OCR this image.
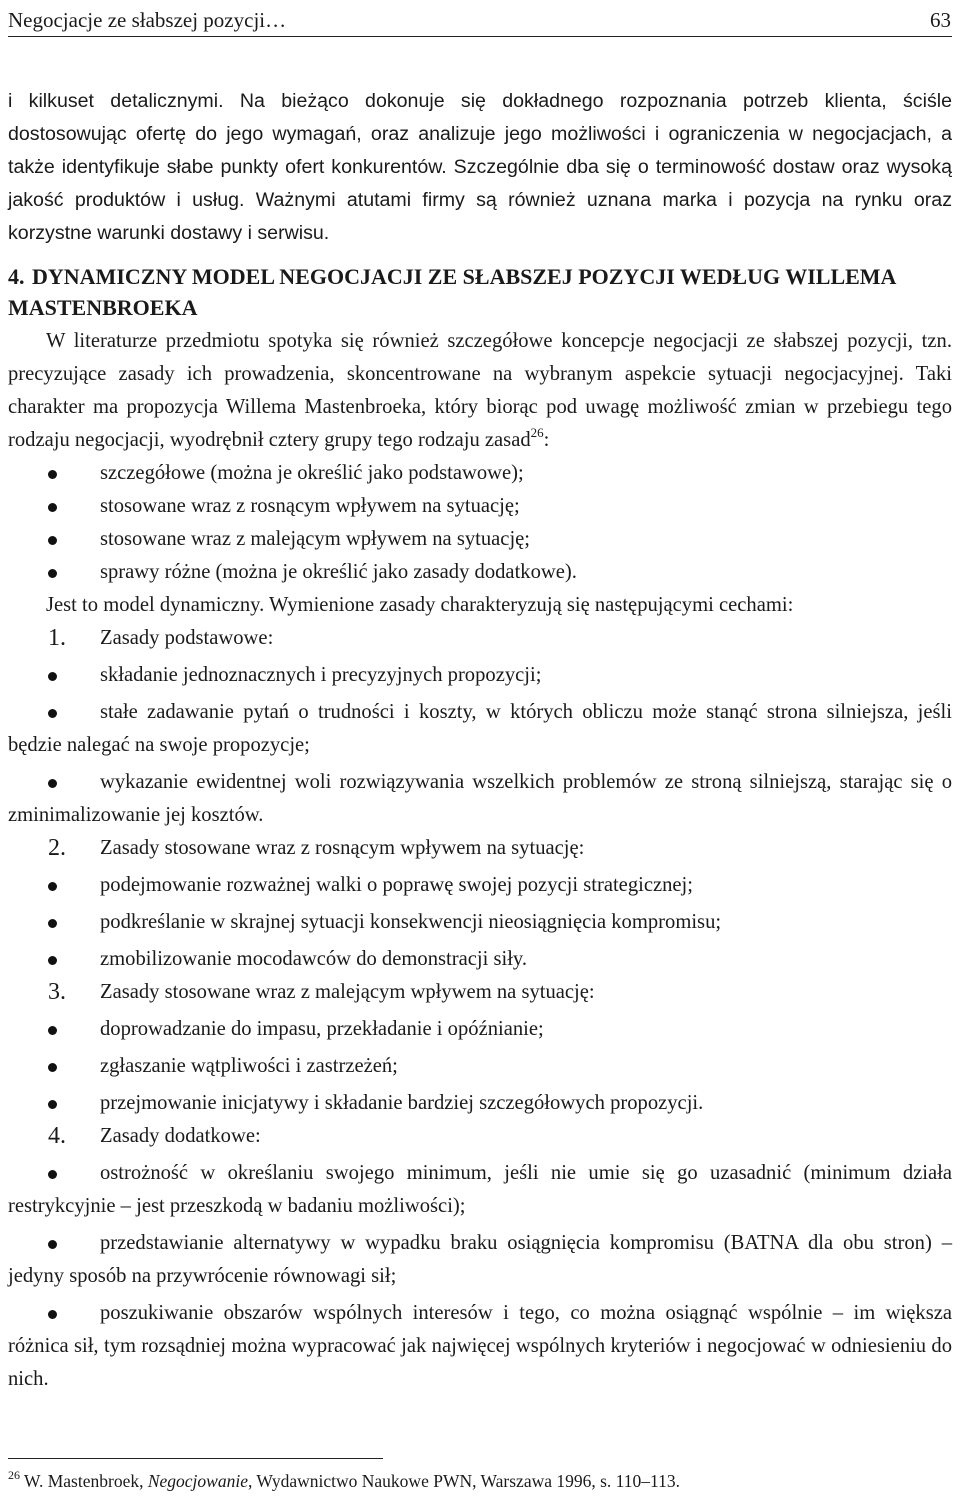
Negocjacje ze słabszej pozycji…	63

i kilkuset detalicznymi. Na bieżąco dokonuje się dokładnego rozpoznania potrzeb klienta, ściśle dostosowując ofertę do jego wymagań, oraz analizuje jego możliwości i ograniczenia w negocjacjach, a także identyfikuje słabe punkty ofert konkurentów. Szczególnie dba się o terminowość dostaw oraz wysoką jakość produktów i usług. Ważnymi atutami firmy są również uznana marka i pozycja na rynku oraz korzystne warunki dostawy i serwisu.

4. DYNAMICZNY MODEL NEGOCJACJI ZE SŁABSZEJ POZYCJI WEDŁUG WILLEMA MASTENBROEKA

W literaturze przedmiotu spotyka się również szczegółowe koncepcje negocjacji ze słabszej pozycji, tzn. precyzujące zasady ich prowadzenia, skoncentrowane na wybranym aspekcie sytuacji negocjacyjnej. Taki charakter ma propozycja Willema Mastenbroeka, który biorąc pod uwagę możliwość zmian w przebiegu tego rodzaju negocjacji, wyodrębnił cztery grupy tego rodzaju zasad$^{26}$:

szczegółowe (można je określić jako podstawowe);

stosowane wraz z rosnącym wpływem na sytuację;

stosowane wraz z malejącym wpływem na sytuację;

sprawy różne (można je określić jako zasady dodatkowe).

Jest to model dynamiczny. Wymienione zasady charakteryzują się następującymi cechami:

1. Zasady podstawowe:

składanie jednoznacznych i precyzyjnych propozycji;

stałe zadawanie pytań o trudności i koszty, w których obliczu może stanąć strona silniejsza, jeśli będzie nalegać na swoje propozycje;

wykazanie ewidentnej woli rozwiązywania wszelkich problemów ze stroną silniejszą, starając się o zminimalizowanie jej kosztów.

2. Zasady stosowane wraz z rosnącym wpływem na sytuację:

podejmowanie rozważnej walki o poprawę swojej pozycji strategicznej;

podkreślanie w skrajnej sytuacji konsekwencji nieosiągnięcia kompromisu;

zmobilizowanie mocodawców do demonstracji siły.

3. Zasady stosowane wraz z malejącym wpływem na sytuację:

doprowadzanie do impasu, przekładanie i opóźnianie;

zgłaszanie wątpliwości i zastrzeżeń;

przejmowanie inicjatywy i składanie bardziej szczegółowych propozycji.

4. Zasady dodatkowe:

ostrożność w określaniu swojego minimum, jeśli nie umie się go uzasadnić (minimum działa restrykcyjnie – jest przeszkodą w badaniu możliwości);

przedstawianie alternatywy w wypadku braku osiągnięcia kompromisu (BATNA dla obu stron) – jedyny sposób na przywrócenie równowagi sił;

poszukiwanie obszarów wspólnych interesów i tego, co można osiągnąć wspólnie – im większa różnica sił, tym rozsądniej można wypracować jak najwięcej wspólnych kryteriów i negocjować w odniesieniu do nich.

$^{26}$ W. Mastenbroek, Negocjowanie, Wydawnictwo Naukowe PWN, Warszawa 1996, s. 110–113.
